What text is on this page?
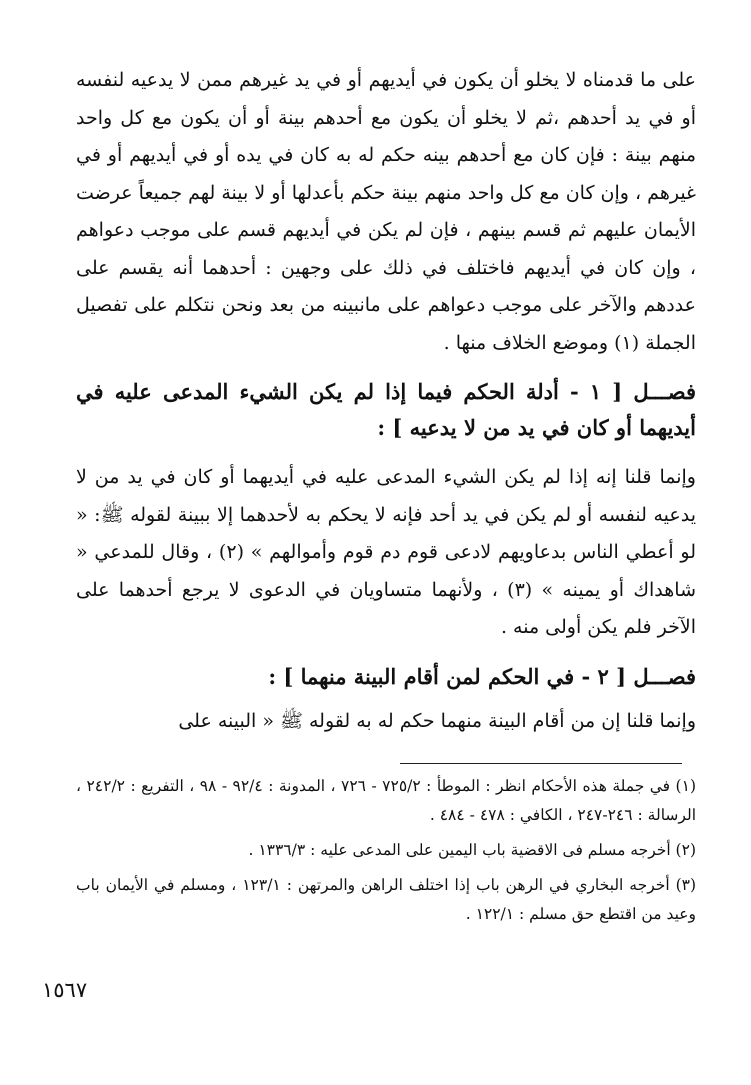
على ما قدمناه لا يخلو أن يكون في أيديهم أو في يد غيرهم ممن لا يدعيه لنفسه أو في يد أحدهم ،ثم لا يخلو أن يكون مع أحدهم بينة أو أن يكون مع كل واحد منهم بينة : فإن كان مع أحدهم بينه حكم له به كان في يده أو في أيديهم أو في غيرهم ، وإن كان مع كل واحد منهم بينة حكم بأعدلها أو لا بينة لهم جميعاً عرضت الأيمان عليهم ثم قسم بينهم ، فإن لم يكن في أيديهم قسم على موجب دعواهم ، وإن كان في أيديهم فاختلف في ذلك على وجهين : أحدهما أنه يقسم على عددهم والآخر على موجب دعواهم على مانبينه من بعد ونحن نتكلم على تفصيل الجملة (١) وموضع الخلاف منها .

فصـــل [ ١ - أدلة الحكم فيما إذا لم يكن الشيء المدعى عليه في أيديهما أو كان في يد من لا يدعيه ] :

وإنما قلنا إنه إذا لم يكن الشيء المدعى عليه في أيديهما أو كان في يد من لا يدعيه لنفسه أو لم يكن في يد أحد فإنه لا يحكم به لأحدهما إلا ببينة لقوله ﷺ: « لو أعطي الناس بدعاويهم لادعى قوم دم قوم وأموالهم » (٢) ، وقال للمدعي « شاهداك أو يمينه » (٣) ، ولأنهما متساويان في الدعوى لا يرجع أحدهما على الآخر فلم يكن أولى منه .

فصـــل [ ٢ - في الحكم لمن أقام البينة منهما ] :

وإنما قلنا إن من أقام البينة منهما حكم له به لقوله ﷺ « البينه على

(١) في جملة هذه الأحكام انظر : الموطأ : ٧٢٥/٢ - ٧٢٦ ، المدونة : ٩٢/٤ - ٩٨ ، التفريع : ٢٤٢/٢ ، الرسالة : ٢٤٦-٢٤٧ ، الكافي : ٤٧٨ - ٤٨٤ .

(٢) أخرجه مسلم فى الاقضية باب اليمين على المدعى عليه : ١٣٣٦/٣ .

(٣) أخرجه البخاري في الرهن باب إذا اختلف الراهن والمرتهن : ١٢٣/١ ، ومسلم في الأيمان باب وعيد من اقتطع حق مسلم : ١٢٢/١ .

١٥٦٧
